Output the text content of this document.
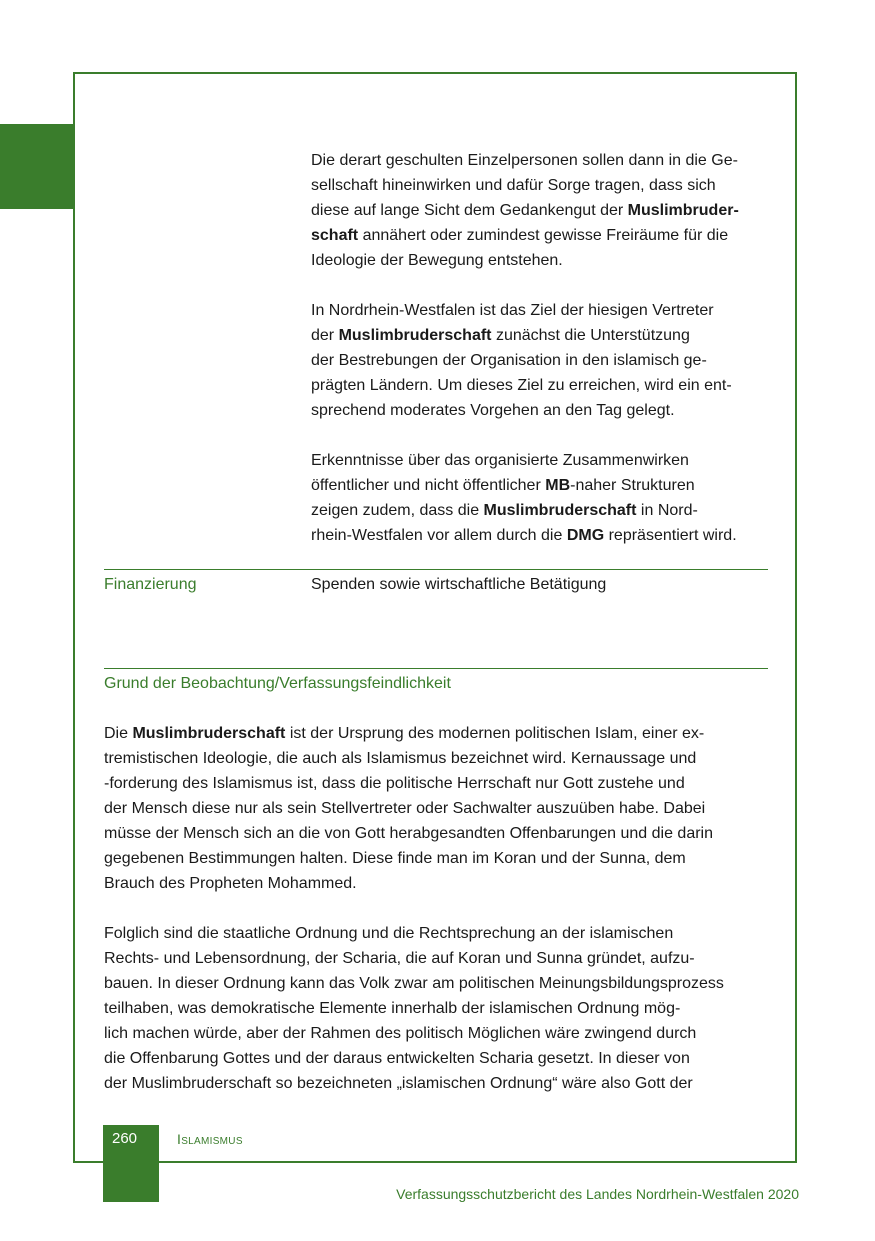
Die derart geschulten Einzelpersonen sollen dann in die Ge-

sellschaft hineinwirken und dafür Sorge tragen, dass sich

diese auf lange Sicht dem Gedankengut der Muslimbruder-

schaft annähert oder zumindest gewisse Freiräume für die

Ideologie der Bewegung entstehen.

In Nordrhein-Westfalen ist das Ziel der hiesigen Vertreter

der Muslimbruderschaft zunächst die Unterstützung

der Bestrebungen der Organisation in den islamisch ge-

prägten Ländern. Um dieses Ziel zu erreichen, wird ein ent-

sprechend moderates Vorgehen an den Tag gelegt.

Erkenntnisse über das organisierte Zusammenwirken

öffentlicher und nicht öffentlicher MB-naher Strukturen

zeigen zudem, dass die Muslimbruderschaft in Nord-

rhein-Westfalen vor allem durch die DMG repräsentiert wird.

Finanzierung	Spenden sowie wirtschaftliche Betätigung

Grund der Beobachtung/Verfassungsfeindlichkeit

Die Muslimbruderschaft ist der Ursprung des modernen politischen Islam, einer ex-

tremistischen Ideologie, die auch als Islamismus bezeichnet wird. Kernaussage und

-forderung des Islamismus ist, dass die politische Herrschaft nur Gott zustehe und

der Mensch diese nur als sein Stellvertreter oder Sachwalter auszuüben habe. Dabei

müsse der Mensch sich an die von Gott herabgesandten Offenbarungen und die darin

gegebenen Bestimmungen halten. Diese finde man im Koran und der Sunna, dem

Brauch des Propheten Mohammed.

Folglich sind die staatliche Ordnung und die Rechtsprechung an der islamischen

Rechts- und Lebensordnung, der Scharia, die auf Koran und Sunna gründet, aufzu-

bauen. In dieser Ordnung kann das Volk zwar am politischen Meinungsbildungsprozess

teilhaben, was demokratische Elemente innerhalb der islamischen Ordnung mög-

lich machen würde, aber der Rahmen des politisch Möglichen wäre zwingend durch

die Offenbarung Gottes und der daraus entwickelten Scharia gesetzt. In dieser von

der Muslimbruderschaft so bezeichneten „islamischen Ordnung“ wäre also Gott der

260	Islamismus
Verfassungsschutzbericht des Landes Nordrhein-Westfalen 2020
